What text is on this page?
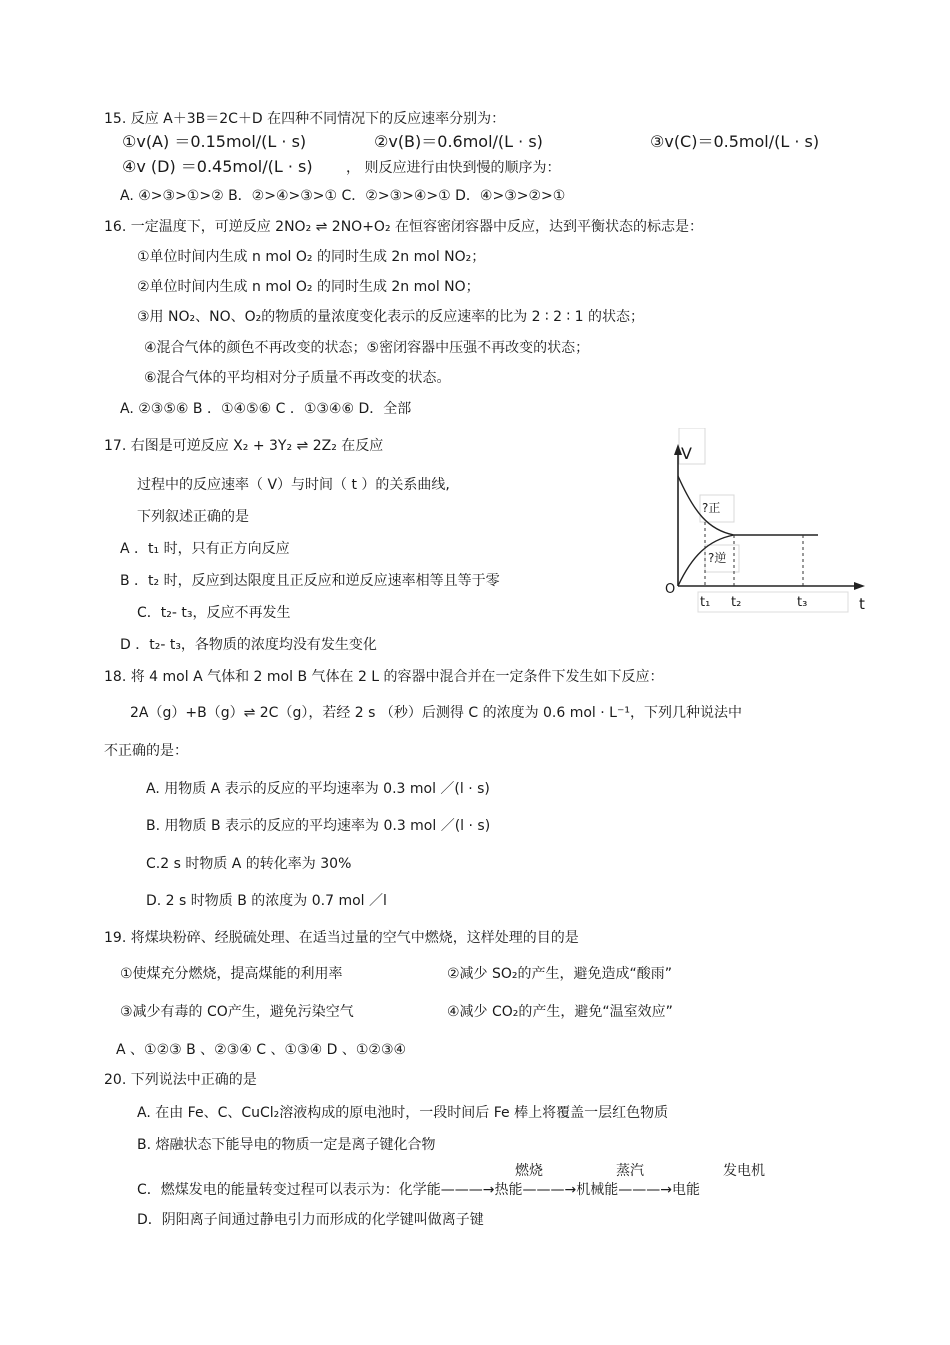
15. 反应 A＋3B＝2C＋D 在四种不同情况下的反应速率分别为：
①v(A) ＝0.15mol/(L · s)	②v(B)＝0.6mol/(L · s)	③v(C)＝0.5mol/(L · s)
④v (D) ＝0.45mol/(L · s) ， 则反应进行由快到慢的顺序为：
A. ④>③>①>② B．②>④>③>① C．②>③>④>① D．④>③>②>①
16. 一定温度下，可逆反应 2NO₂ ⇌ 2NO+O₂ 在恒容密闭容器中反应，达到平衡状态的标志是：
①单位时间内生成 n mol O₂ 的同时生成 2n mol NO₂；
②单位时间内生成 n mol O₂ 的同时生成 2n mol NO；
③用 NO₂、NO、O₂的物质的量浓度变化表示的反应速率的比为 2 ∶ 2 ∶ 1 的状态；
④混合气体的颜色不再改变的状态；⑤密闭容器中压强不再改变的状态；
⑥混合气体的平均相对分子质量不再改变的状态。
A. ②③⑤⑥ B ．①④⑤⑥ C ．①③④⑥ D．全部
17. 右图是可逆反应 X₂ + 3Y₂ ⇌ 2Z₂ 在反应
过程中的反应速率（ V）与时间（ t ）的关系曲线,
下列叙述正确的是
A ．t₁ 时，只有正方向反应
B ．t₂ 时，反应到达限度且正反应和逆反应速率相等且等于零
C．t₂- t₃，反应不再发生
D ．t₂- t₃，各物质的浓度均没有发生变化
V
O
t
?正
?逆
t₁ t₂	t₃
18. 将 4 mol A 气体和 2 mol B 气体在 2 L 的容器中混合并在一定条件下发生如下反应：
2A（g）+B（g）⇌ 2C（g），若经 2 s （秒）后测得 C 的浓度为 0.6 mol · L⁻¹，下列几种说法中
不正确的是：
A. 用物质 A 表示的反应的平均速率为 0.3 mol ／(l · s)
B. 用物质 B 表示的反应的平均速率为 0.3 mol ／(l · s)
C.2 s 时物质 A 的转化率为 30%
D. 2 s 时物质 B 的浓度为 0.7 mol ／l
19. 将煤块粉碎、经脱硫处理、在适当过量的空气中燃烧，这样处理的目的是
①使煤充分燃烧，提高煤能的利用率	②减少 SO₂的产生，避免造成“酸雨”
③减少有毒的 CO产生，避免污染空气	④减少 CO₂的产生，避免“温室效应”
A 、①②③ B 、②③④ C 、①③④ D 、①②③④
20. 下列说法中正确的是
A. 在由 Fe、C、CuCl₂溶液构成的原电池时，一段时间后 Fe 棒上将覆盖一层红色物质
B. 熔融状态下能导电的物质一定是离子键化合物
燃烧	蒸汽	发电机
C．燃煤发电的能量转变过程可以表示为：化学能———→热能———→机械能———→电能
D．阴阳离子间通过静电引力而形成的化学键叫做离子键
